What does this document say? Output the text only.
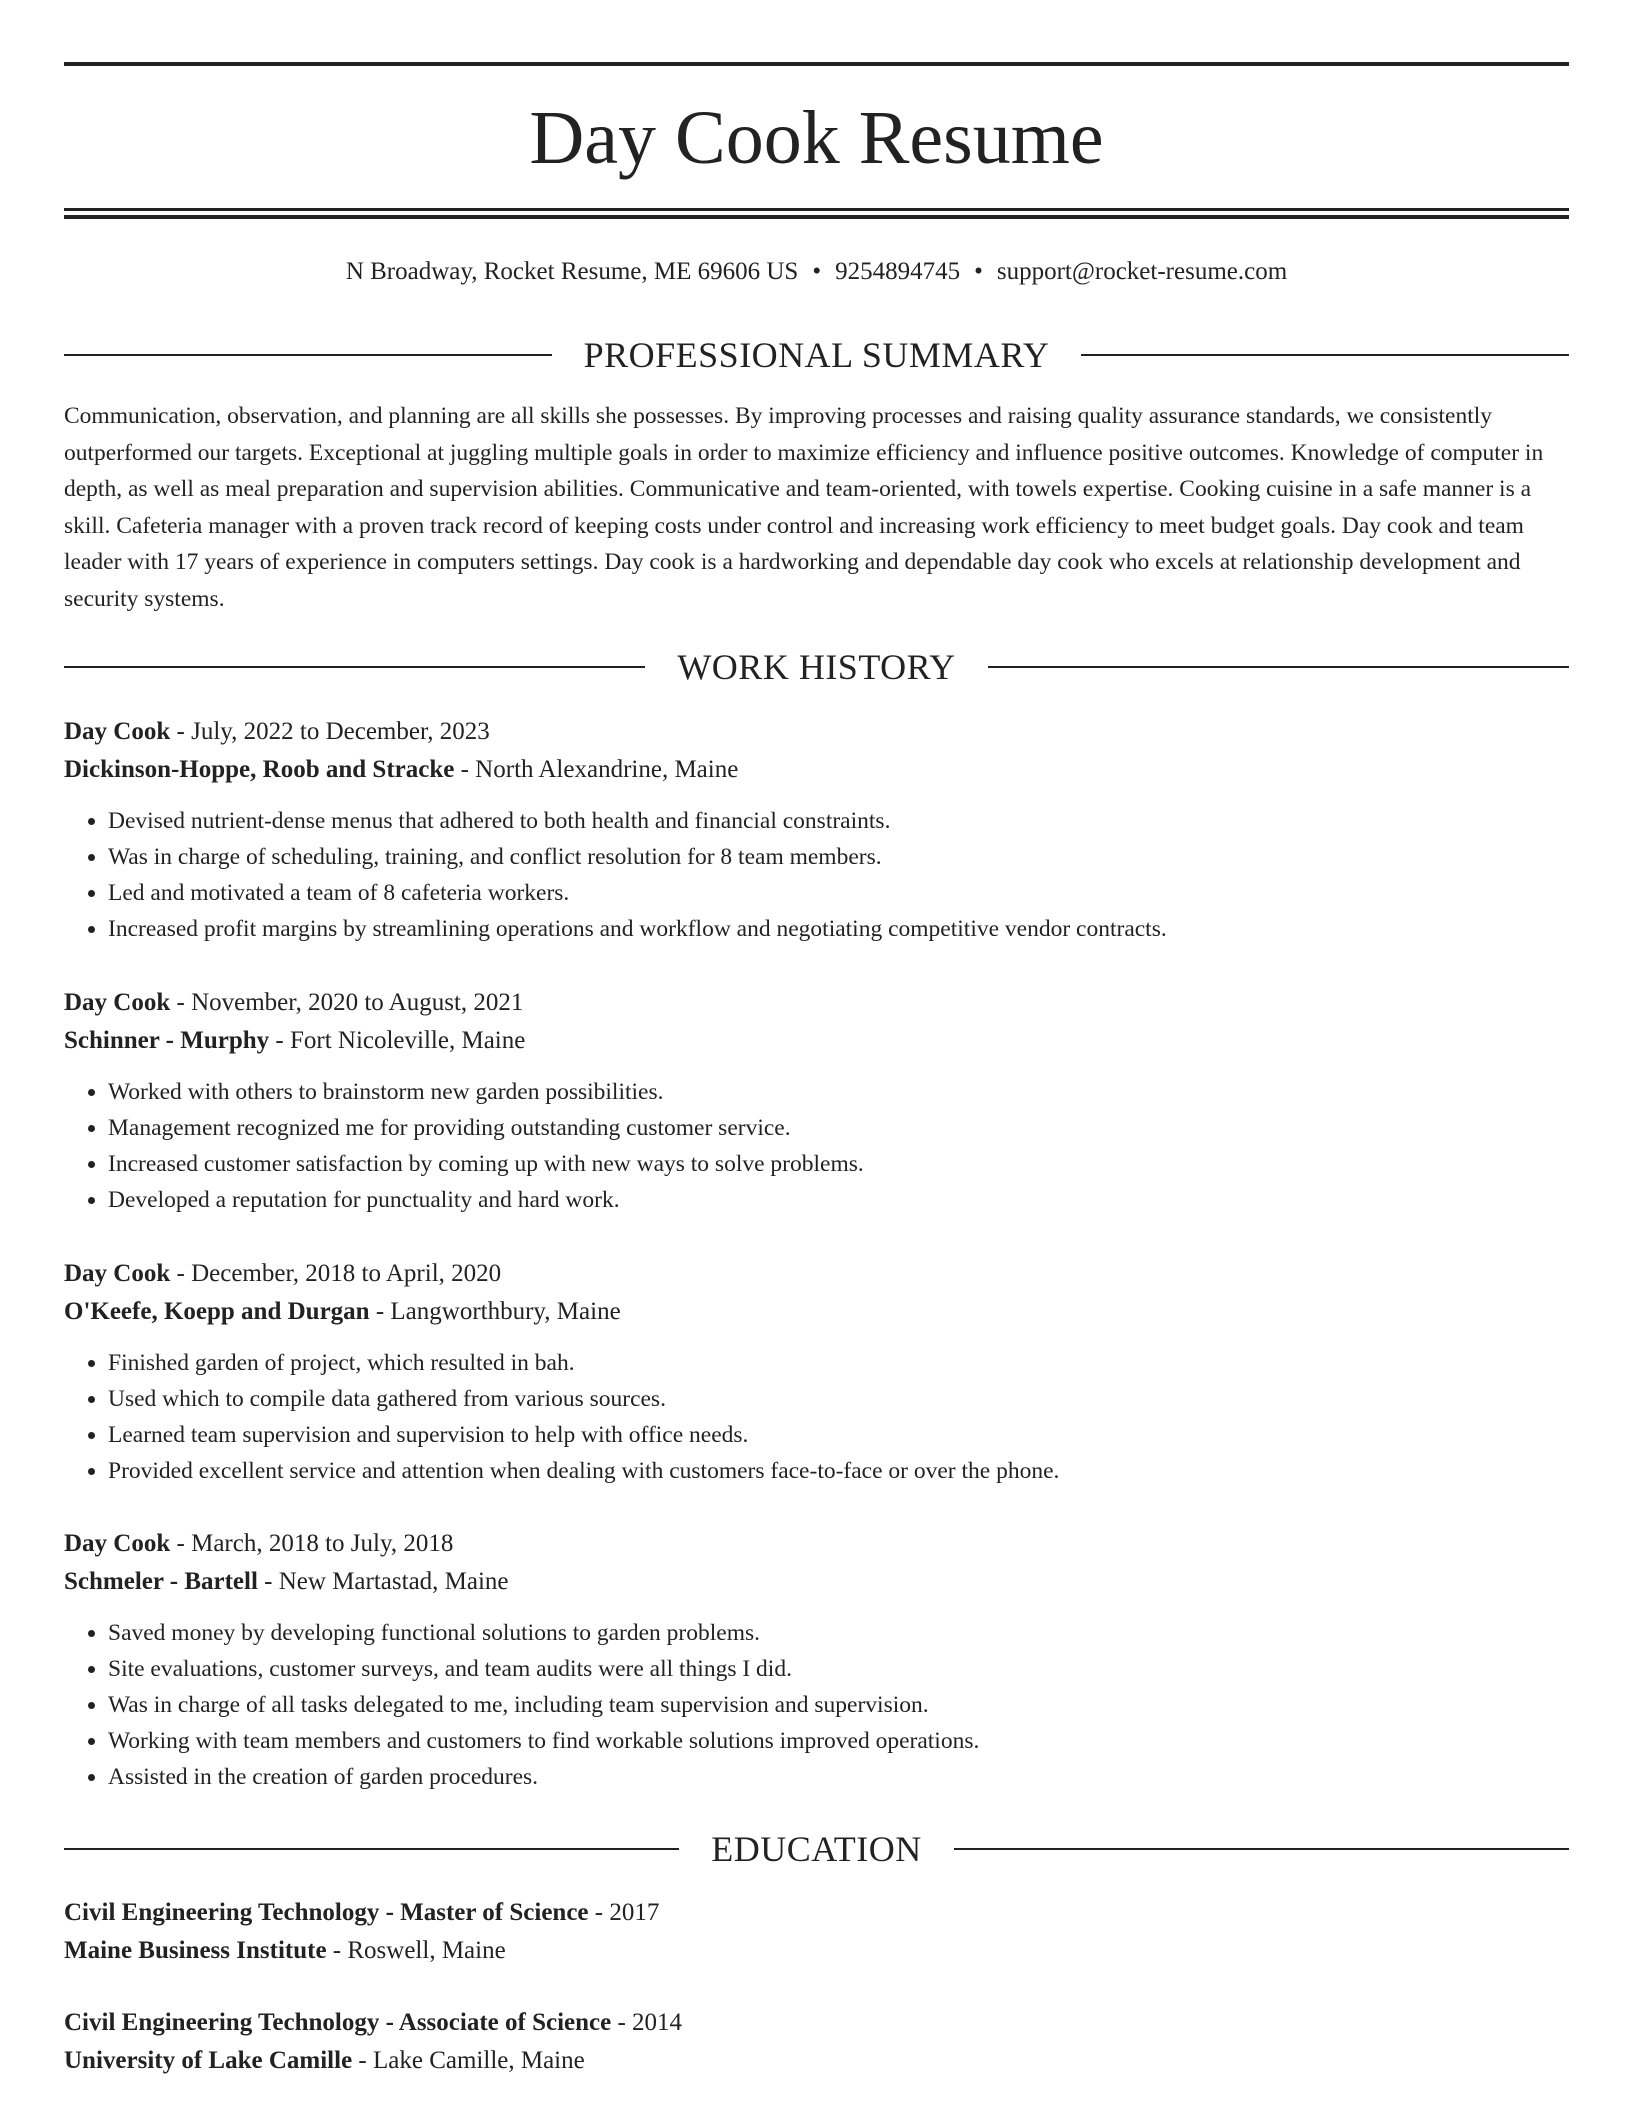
Day Cook Resume
N Broadway, Rocket Resume, ME 69606 US • 9254894745 • support@rocket-resume.com
PROFESSIONAL SUMMARY

Communication, observation, and planning are all skills she possesses. By improving processes and raising quality assurance standards, we consistently outperformed our targets. Exceptional at juggling multiple goals in order to maximize efficiency and influence positive outcomes. Knowledge of computer in depth, as well as meal preparation and supervision abilities. Communicative and team-oriented, with towels expertise. Cooking cuisine in a safe manner is a skill. Cafeteria manager with a proven track record of keeping costs under control and increasing work efficiency to meet budget goals. Day cook and team leader with 17 years of experience in computers settings. Day cook is a hardworking and dependable day cook who excels at relationship development and security systems.

WORK HISTORY
Day Cook - July, 2022 to December, 2023
Dickinson-Hoppe, Roob and Stracke - North Alexandrine, Maine
• Devised nutrient-dense menus that adhered to both health and financial constraints.
• Was in charge of scheduling, training, and conflict resolution for 8 team members.
• Led and motivated a team of 8 cafeteria workers.
• Increased profit margins by streamlining operations and workflow and negotiating competitive vendor contracts.
Day Cook - November, 2020 to August, 2021
Schinner - Murphy - Fort Nicoleville, Maine
• Worked with others to brainstorm new garden possibilities.
• Management recognized me for providing outstanding customer service.
• Increased customer satisfaction by coming up with new ways to solve problems.
• Developed a reputation for punctuality and hard work.
Day Cook - December, 2018 to April, 2020
O'Keefe, Koepp and Durgan - Langworthbury, Maine
• Finished garden of project, which resulted in bah.
• Used which to compile data gathered from various sources.
• Learned team supervision and supervision to help with office needs.
• Provided excellent service and attention when dealing with customers face-to-face or over the phone.
Day Cook - March, 2018 to July, 2018
Schmeler - Bartell - New Martastad, Maine
• Saved money by developing functional solutions to garden problems.
• Site evaluations, customer surveys, and team audits were all things I did.
• Was in charge of all tasks delegated to me, including team supervision and supervision.
• Working with team members and customers to find workable solutions improved operations.
• Assisted in the creation of garden procedures.
EDUCATION
Civil Engineering Technology - Master of Science - 2017
Maine Business Institute - Roswell, Maine
Civil Engineering Technology - Associate of Science - 2014
University of Lake Camille - Lake Camille, Maine
